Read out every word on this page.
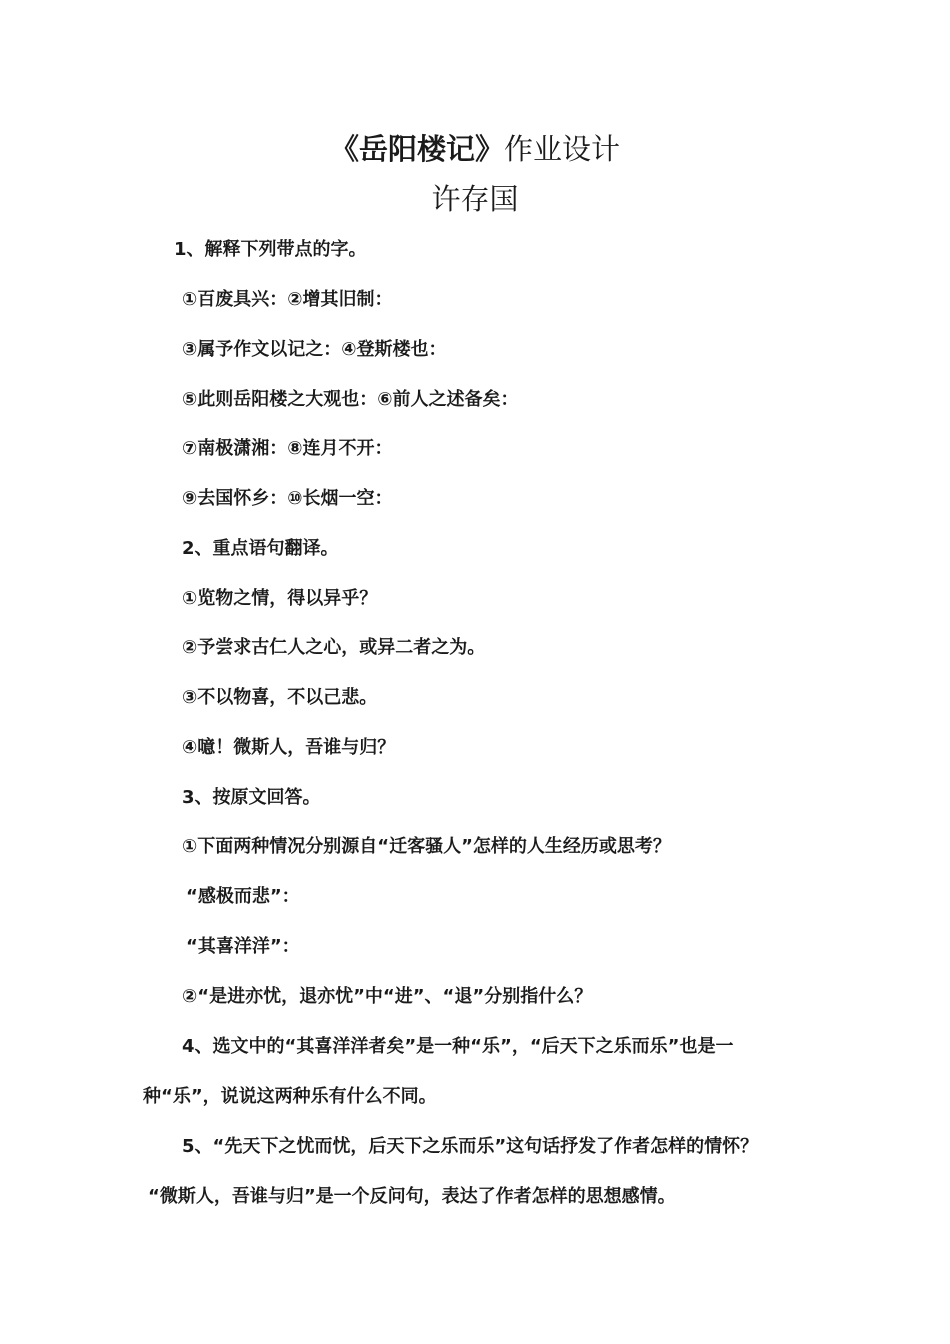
《岳阳楼记》作业设计
许存国
1、解释下列带点的字。
①百废具兴：②增其旧制：
③属予作文以记之：④登斯楼也：
⑤此则岳阳楼之大观也：⑥前人之述备矣：
⑦南极潇湘：⑧连月不开：
⑨去国怀乡：⑩长烟一空：
2、重点语句翻译。
①览物之情，得以异乎？
②予尝求古仁人之心，或异二者之为。
③不以物喜，不以己悲。
④噫！微斯人，吾谁与归？
3、按原文回答。
①下面两种情况分别源自“迁客骚人”怎样的人生经历或思考？
“感极而悲”：
“其喜洋洋”：
②“是进亦忧，退亦忧”中“进”、“退”分别指什么？
4、选文中的“其喜洋洋者矣”是一种“乐”，“后天下之乐而乐”也是一
种“乐”，说说这两种乐有什么不同。
5、“先天下之忧而忧，后天下之乐而乐”这句话抒发了作者怎样的情怀？
“微斯人，吾谁与归”是一个反问句，表达了作者怎样的思想感情。
